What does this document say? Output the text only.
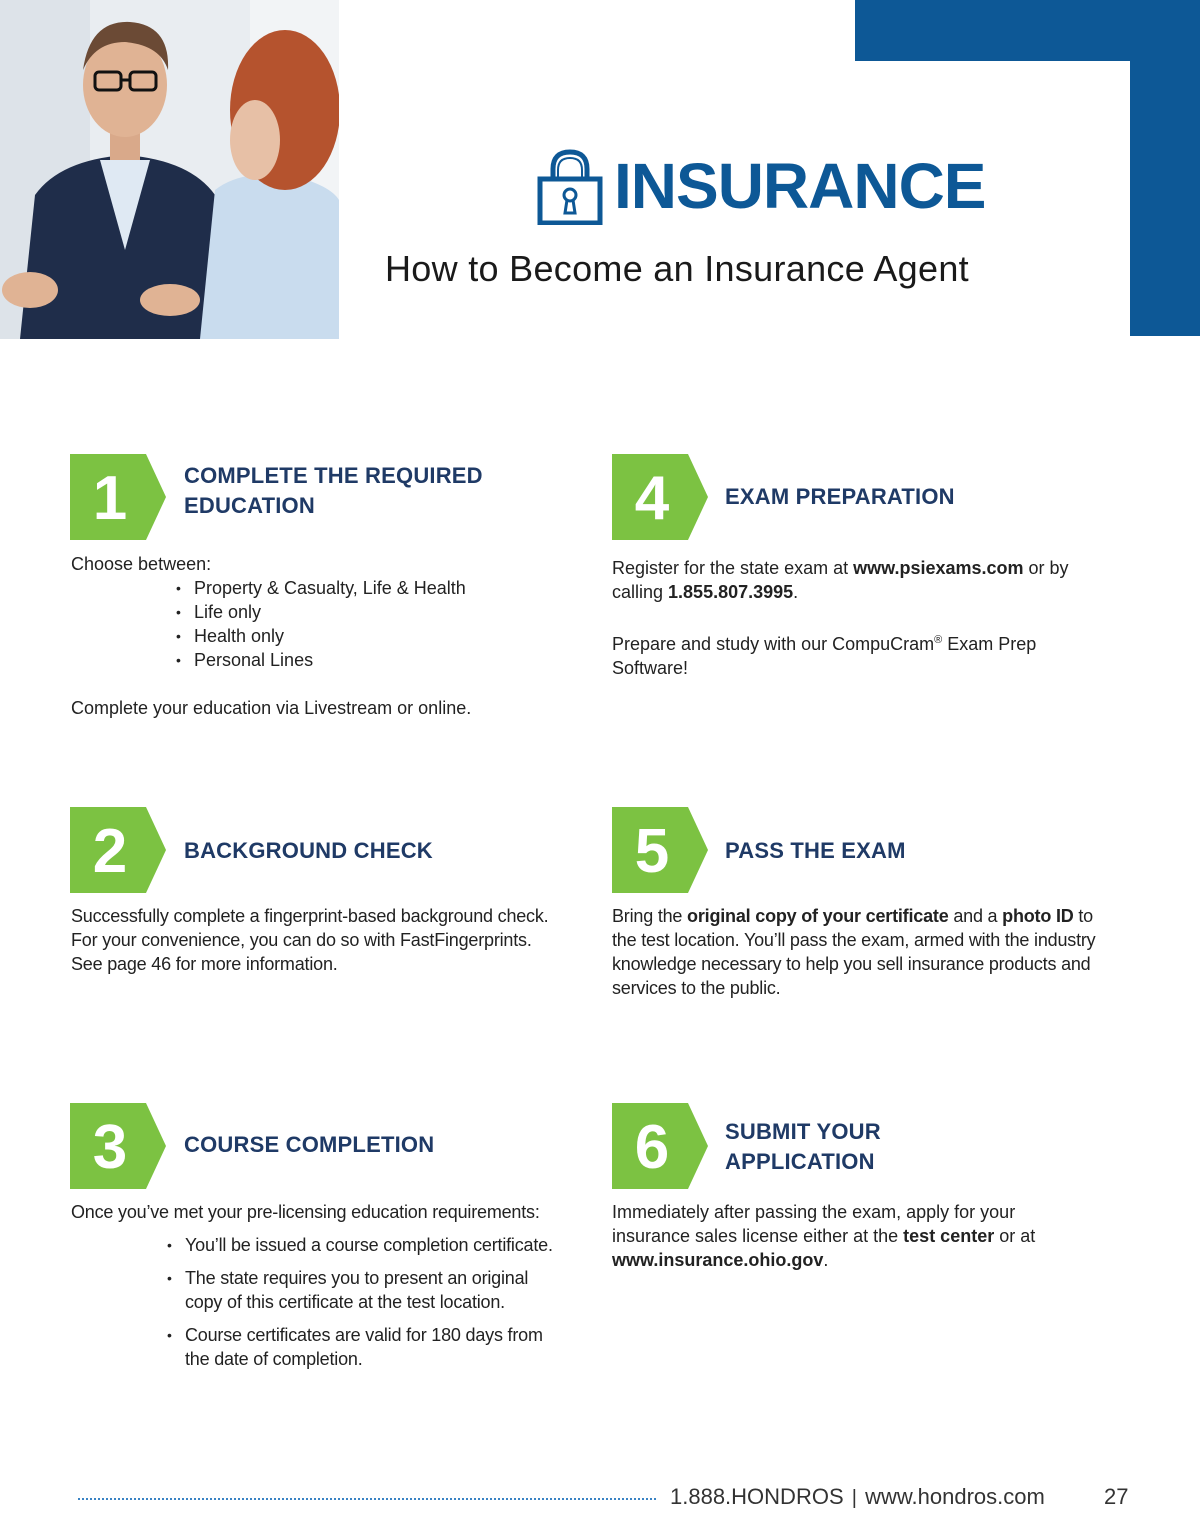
INSURANCE
How to Become an Insurance Agent
1	COMPLETE THE REQUIRED
EDUCATION

Choose between:

• Property & Casualty, Life & Health
• Life only
• Health only
• Personal Lines

Complete your education via Livestream or online.

2	BACKGROUND CHECK

Successfully complete a fingerprint-based background check.

For your convenience, you can do so with FastFingerprints.

See page 46 for more information.

3	COURSE COMPLETION

Once you’ve met your pre-licensing education requirements:

• You’ll be issued a course completion certificate.
• The state requires you to present an original
copy of this certificate at the test location.
• Course certificates are valid for 180 days from
the date of completion.
4	EXAM PREPARATION

Register for the state exam at www.psiexams.com or by
calling 1.855.807.3995.

Prepare and study with our CompuCram® Exam Prep
Software!

5	PASS THE EXAM

Bring the original copy of your certificate and a photo ID to

the test location. You’ll pass the exam, armed with the industry

knowledge necessary to help you sell insurance products and

services to the public.

6	SUBMIT YOUR
APPLICATION

Immediately after passing the exam, apply for your

insurance sales license either at the test center or at

www.insurance.ohio.gov.

1.888.HONDROS | www.hondros.com	27
